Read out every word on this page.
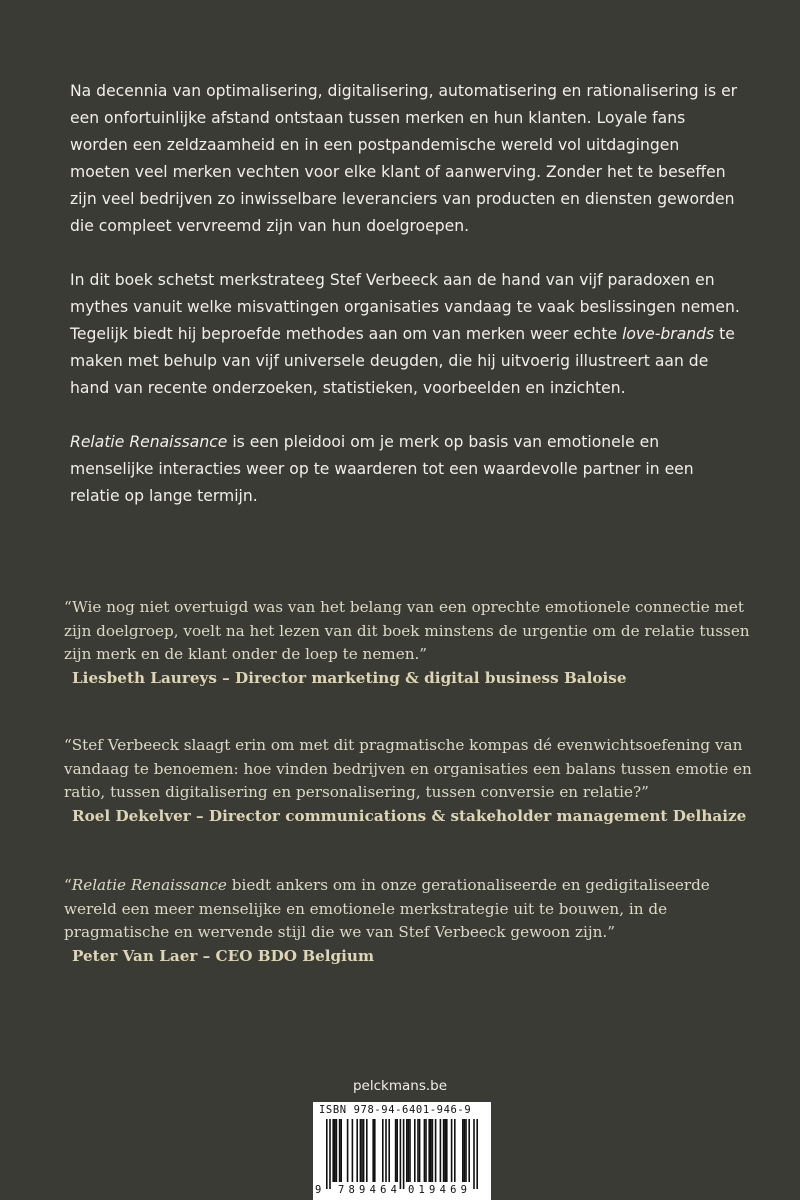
Na decennia van optimalisering, digitalisering, automatisering en rationalisering is er een onfortuinlijke afstand ontstaan tussen merken en hun klanten. Loyale fans worden een zeldzaamheid en in een postpandemische wereld vol uitdagingen moeten veel merken vechten voor elke klant of aanwerving. Zonder het te beseffen zijn veel bedrijven zo inwisselbare leveranciers van producten en diensten geworden die compleet vervreemd zijn van hun doelgroepen.

In dit boek schetst merkstrateeg Stef Verbeeck aan de hand van vijf paradoxen en mythes vanuit welke misvattingen organisaties vandaag te vaak beslissingen nemen. Tegelijk biedt hij beproefde methodes aan om van merken weer echte love-brands te maken met behulp van vijf universele deugden, die hij uitvoerig illustreert aan de hand van recente onderzoeken, statistieken, voorbeelden en inzichten.

Relatie Renaissance is een pleidooi om je merk op basis van emotionele en menselijke interacties weer op te waarderen tot een waardevolle partner in een relatie op lange termijn.

“Wie nog niet overtuigd was van het belang van een oprechte emotionele connectie met zijn doelgroep, voelt na het lezen van dit boek minstens de urgentie om de relatie tussen zijn merk en de klant onder de loep te nemen.”

Liesbeth Laureys – Director marketing & digital business Baloise

“Stef Verbeeck slaagt erin om met dit pragmatische kompas dé evenwichtsoefening van vandaag te benoemen: hoe vinden bedrijven en organisaties een balans tussen emotie en ratio, tussen digitalisering en personalisering, tussen conversie en relatie?”

Roel Dekelver – Director communications & stakeholder management Delhaize

“Relatie Renaissance biedt ankers om in onze gerationaliseerde en gedigitaliseerde wereld een meer menselijke en emotionele merkstrategie uit te bouwen, in de pragmatische en wervende stijl die we van Stef Verbeeck gewoon zijn.”

Peter Van Laer – CEO BDO Belgium

pelckmans.be
ISBN 978-94-6401-946-9
9 789464 019469
